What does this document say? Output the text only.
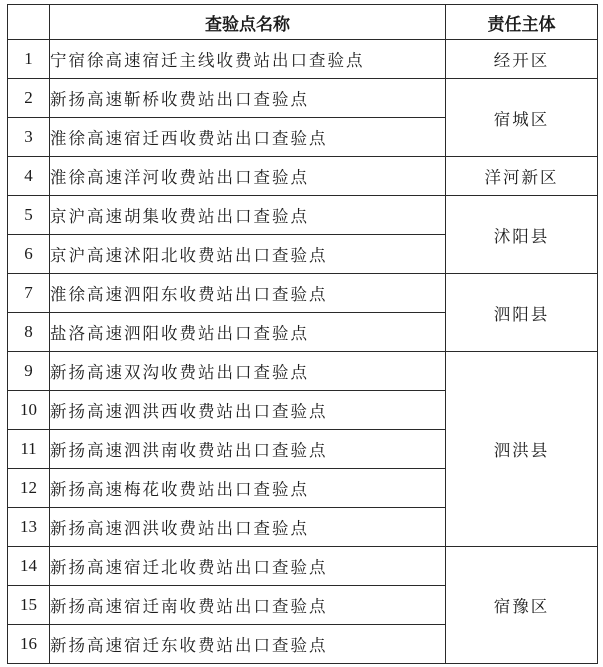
	查验点名称	责任主体
1	宁宿徐高速宿迁主线收费站出口查验点	经开区
2	新扬高速靳桥收费站出口查验点	宿城区
3	淮徐高速宿迁西收费站出口查验点	
4	淮徐高速洋河收费站出口查验点	洋河新区
5	京沪高速胡集收费站出口查验点	沭阳县
6	京沪高速沭阳北收费站出口查验点	
7	淮徐高速泗阳东收费站出口查验点	泗阳县
8	盐洛高速泗阳收费站出口查验点	
9	新扬高速双沟收费站出口查验点	泗洪县
10	新扬高速泗洪西收费站出口查验点	
11	新扬高速泗洪南收费站出口查验点	
12	新扬高速梅花收费站出口查验点	
13	新扬高速泗洪收费站出口查验点	
14	新扬高速宿迁北收费站出口查验点	宿豫区
15	新扬高速宿迁南收费站出口查验点	
16	新扬高速宿迁东收费站出口查验点	
